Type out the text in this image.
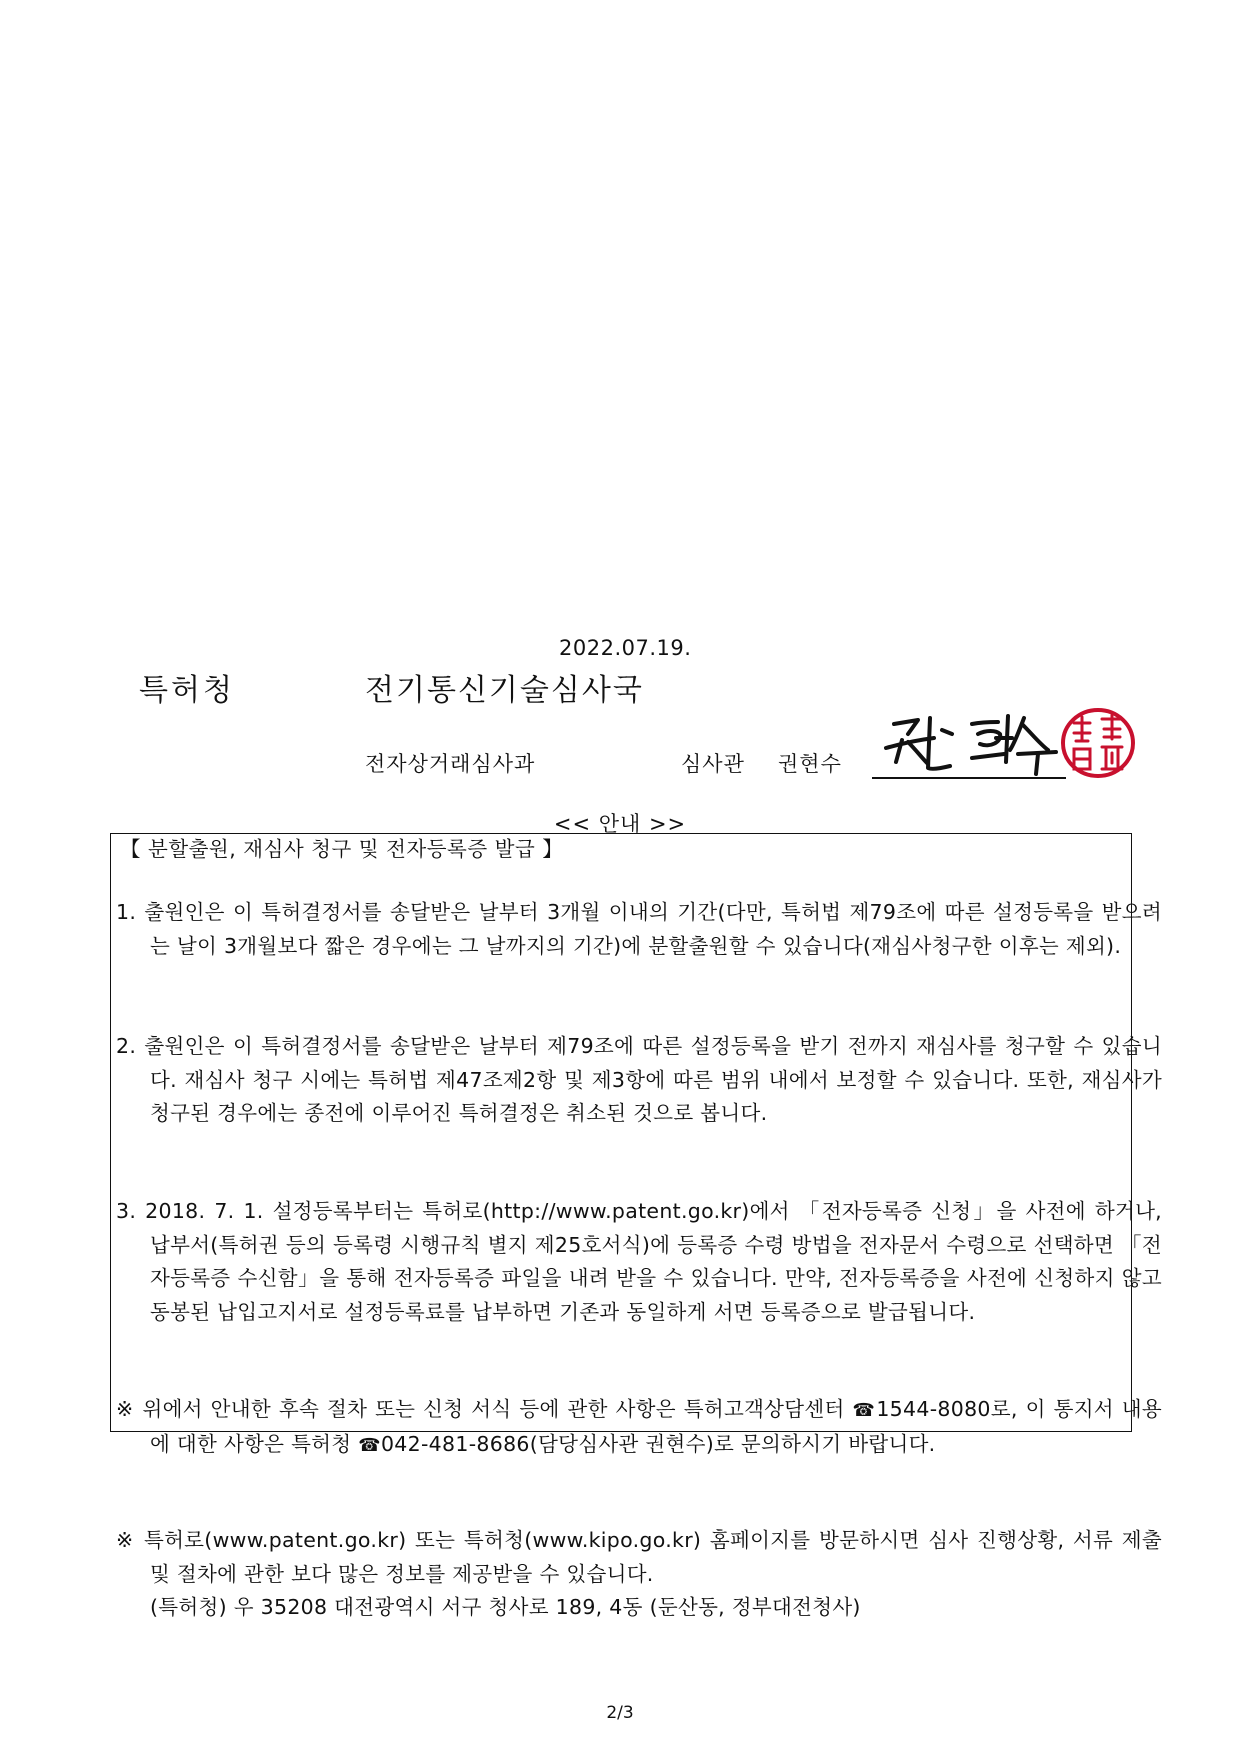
2022.07.19.
특허청	전기통신기술심사국
전자상거래심사과	심사관 권현수
<< 안내 >>
【 분할출원, 재심사 청구 및 전자등록증 발급 】

1. 출원인은 이 특허결정서를 송달받은 날부터 3개월 이내의 기간(다만, 특허법 제79조에 따른 설정등록을 받으려는 날이 3개월보다 짧은 경우에는 그 날까지의 기간)에 분할출원할 수 있습니다(재심사청구한 이후는 제외).

2. 출원인은 이 특허결정서를 송달받은 날부터 제79조에 따른 설정등록을 받기 전까지 재심사를 청구할 수 있습니다. 재심사 청구 시에는 특허법 제47조제2항 및 제3항에 따른 범위 내에서 보정할 수 있습니다. 또한, 재심사가 청구된 경우에는 종전에 이루어진 특허결정은 취소된 것으로 봅니다.

3. 2018. 7. 1. 설정등록부터는 특허로(http://www.patent.go.kr)에서 「전자등록증 신청」을 사전에 하거나, 납부서(특허권 등의 등록령 시행규칙 별지 제25호서식)에 등록증 수령 방법을 전자문서 수령으로 선택하면 「전자등록증 수신함」을 통해 전자등록증 파일을 내려 받을 수 있습니다. 만약, 전자등록증을 사전에 신청하지 않고 동봉된 납입고지서로 설정등록료를 납부하면 기존과 동일하게 서면 등록증으로 발급됩니다.

※ 위에서 안내한 후속 절차 또는 신청 서식 등에 관한 사항은 특허고객상담센터 ☎1544-8080로, 이 통지서 내용에 대한 사항은 특허청 ☎042-481-8686(담당심사관 권현수)로 문의하시기 바랍니다.

※ 특허로(www.patent.go.kr) 또는 특허청(www.kipo.go.kr) 홈페이지를 방문하시면 심사 진행상황, 서류 제출 및 절차에 관한 보다 많은 정보를 제공받을 수 있습니다.

(특허청) 우 35208 대전광역시 서구 청사로 189, 4동 (둔산동, 정부대전청사)

2/3
